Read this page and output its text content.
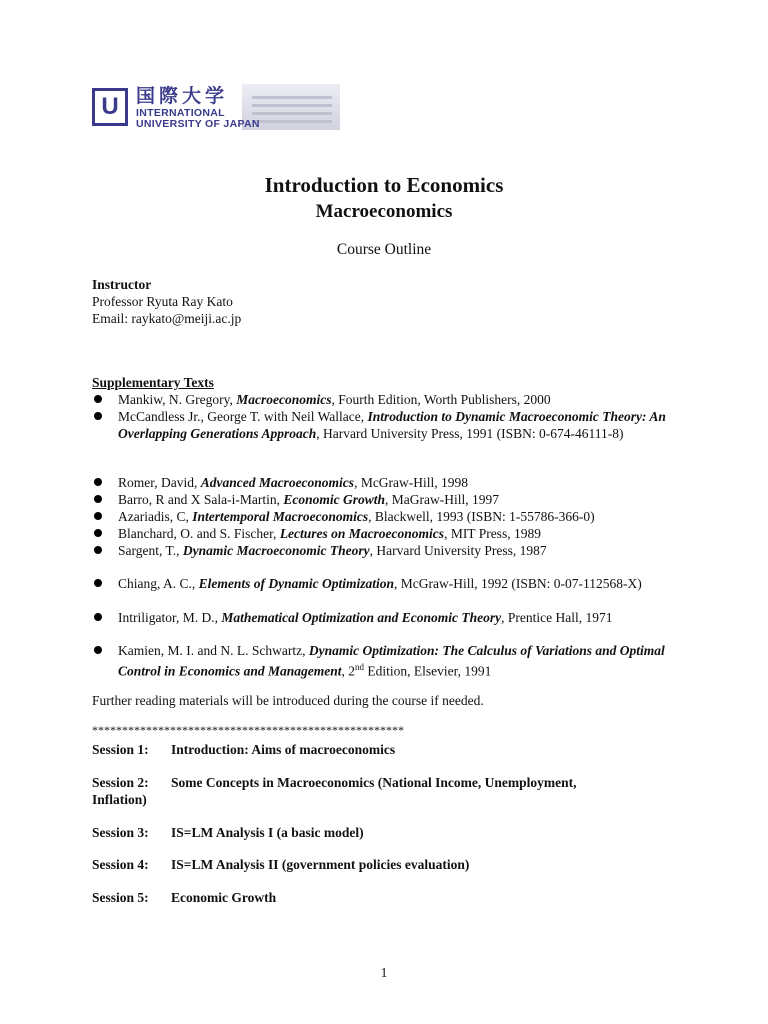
U 国際大学
INTERNATIONAL
UNIVERSITY OF JAPAN
Introduction to Economics
Macroeconomics
Course Outline
Instructor
Professor Ryuta Ray Kato
Email: raykato@meiji.ac.jp
Supplementary Texts
Mankiw, N. Gregory, Macroeconomics, Fourth Edition, Worth Publishers, 2000
McCandless Jr., George T. with Neil Wallace, Introduction to Dynamic Macroeconomic Theory: An Overlapping Generations Approach, Harvard University Press, 1991 (ISBN: 0-674-46111-8)
Romer, David, Advanced Macroeconomics, McGraw-Hill, 1998
Barro, R and X Sala-i-Martin, Economic Growth, MaGraw-Hill, 1997
Azariadis, C, Intertemporal Macroeconomics, Blackwell, 1993 (ISBN: 1-55786-366-0)
Blanchard, O. and S. Fischer, Lectures on Macroeconomics, MIT Press, 1989
Sargent, T., Dynamic Macroeconomic Theory, Harvard University Press, 1987
Chiang, A. C., Elements of Dynamic Optimization, McGraw-Hill, 1992 (ISBN: 0-07-112568-X)
Intriligator, M. D., Mathematical Optimization and Economic Theory, Prentice Hall, 1971
Kamien, M. I. and N. L. Schwartz, Dynamic Optimization: The Calculus of Variations and Optimal Control in Economics and Management, 2nd Edition, Elsevier, 1991
Further reading materials will be introduced during the course if needed.
****************************************************
Session 1: Introduction: Aims of macroeconomics
Session 2: Some Concepts in Macroeconomics (National Income, Unemployment,
Inflation)
Session 3: IS=LM Analysis I (a basic model)
Session 4: IS=LM Analysis II (government policies evaluation)
Session 5: Economic Growth
1
